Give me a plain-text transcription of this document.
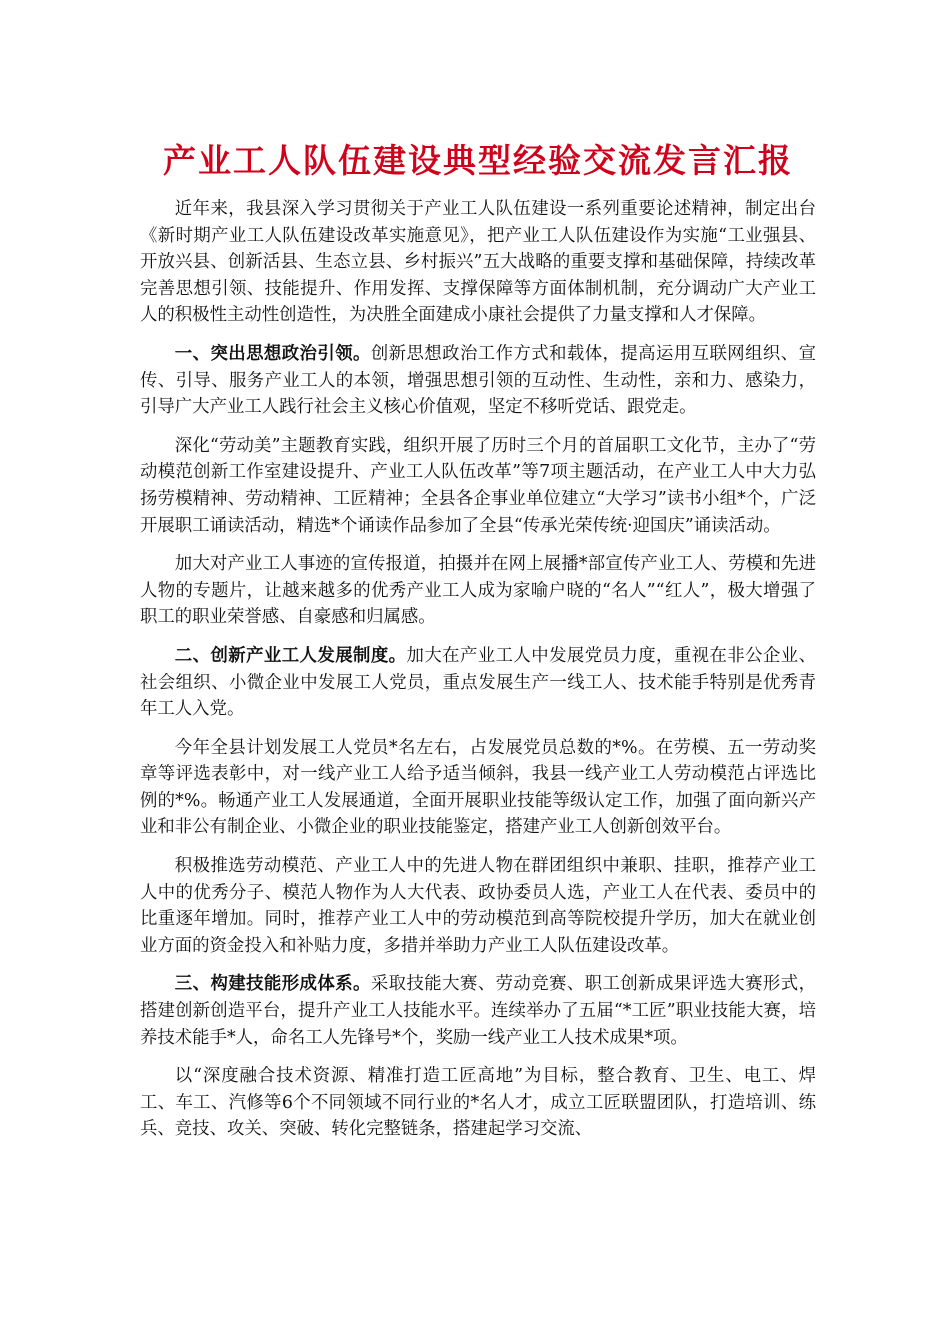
产业工人队伍建设典型经验交流发言汇报

近年来，我县深入学习贯彻关于产业工人队伍建设一系列重要论述精神，制定出台《新时期产业工人队伍建设改革实施意见》，把产业工人队伍建设作为实施“工业强县、开放兴县、创新活县、生态立县、乡村振兴”五大战略的重要支撑和基础保障，持续改革完善思想引领、技能提升、作用发挥、支撑保障等方面体制机制，充分调动广大产业工人的积极性主动性创造性，为决胜全面建成小康社会提供了力量支撑和人才保障。

一、突出思想政治引领。创新思想政治工作方式和载体，提高运用互联网组织、宣传、引导、服务产业工人的本领，增强思想引领的互动性、生动性，亲和力、感染力，引导广大产业工人践行社会主义核心价值观，坚定不移听党话、跟党走。

深化“劳动美”主题教育实践，组织开展了历时三个月的首届职工文化节，主办了“劳动模范创新工作室建设提升、产业工人队伍改革”等7项主题活动，在产业工人中大力弘扬劳模精神、劳动精神、工匠精神；全县各企事业单位建立“大学习”读书小组*个，广泛开展职工诵读活动，精选*个诵读作品参加了全县“传承光荣传统·迎国庆”诵读活动。

加大对产业工人事迹的宣传报道，拍摄并在网上展播*部宣传产业工人、劳模和先进人物的专题片，让越来越多的优秀产业工人成为家喻户晓的“名人”“红人”，极大增强了职工的职业荣誉感、自豪感和归属感。

二、创新产业工人发展制度。加大在产业工人中发展党员力度，重视在非公企业、社会组织、小微企业中发展工人党员，重点发展生产一线工人、技术能手特别是优秀青年工人入党。

今年全县计划发展工人党员*名左右，占发展党员总数的*%。在劳模、五一劳动奖章等评选表彰中，对一线产业工人给予适当倾斜，我县一线产业工人劳动模范占评选比例的*%。畅通产业工人发展通道，全面开展职业技能等级认定工作，加强了面向新兴产业和非公有制企业、小微企业的职业技能鉴定，搭建产业工人创新创效平台。

积极推选劳动模范、产业工人中的先进人物在群团组织中兼职、挂职，推荐产业工人中的优秀分子、模范人物作为人大代表、政协委员人选，产业工人在代表、委员中的比重逐年增加。同时，推荐产业工人中的劳动模范到高等院校提升学历，加大在就业创业方面的资金投入和补贴力度，多措并举助力产业工人队伍建设改革。

三、构建技能形成体系。采取技能大赛、劳动竞赛、职工创新成果评选大赛形式，搭建创新创造平台，提升产业工人技能水平。连续举办了五届“*工匠”职业技能大赛，培养技术能手*人，命名工人先锋号*个，奖励一线产业工人技术成果*项。

以“深度融合技术资源、精准打造工匠高地”为目标，整合教育、卫生、电工、焊工、车工、汽修等6个不同领域不同行业的*名人才，成立工匠联盟团队，打造培训、练兵、竞技、攻关、突破、转化完整链条，搭建起学习交流、
